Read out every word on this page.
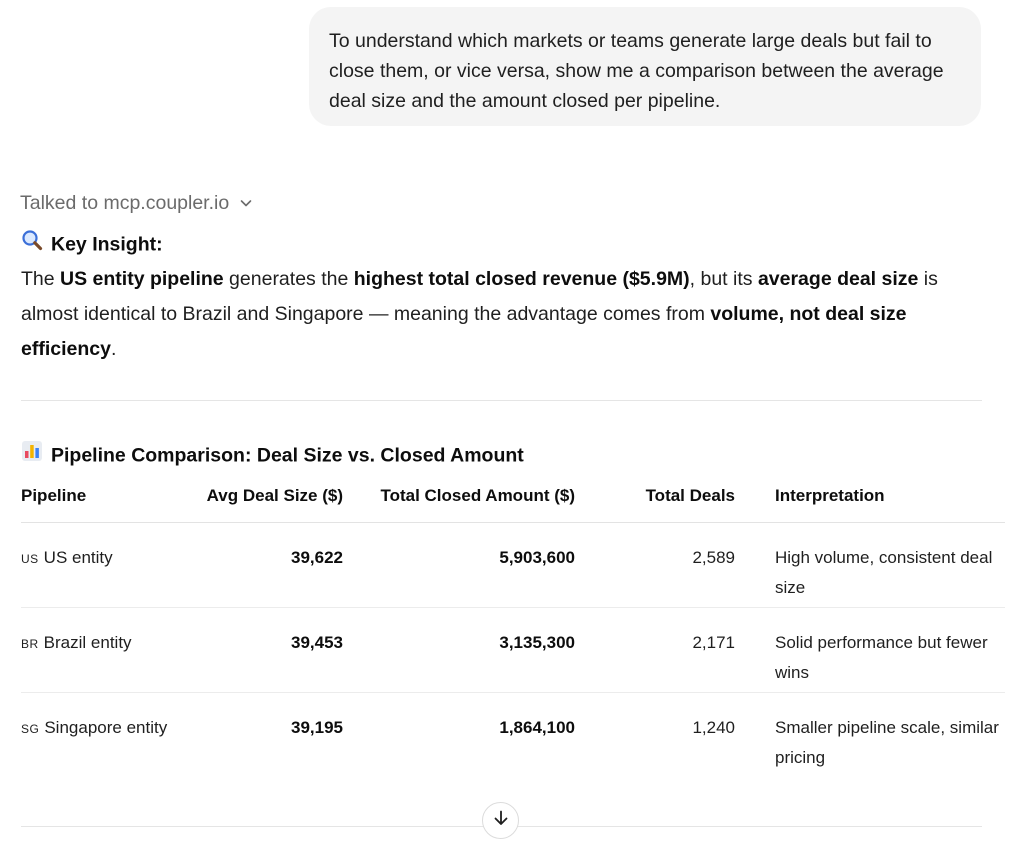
To understand which markets or teams generate large deals but fail to close them, or vice versa, show me a comparison between the average deal size and the amount closed per pipeline.
Talked to mcp.coupler.io
Key Insight:
The US entity pipeline generates the highest total closed revenue ($5.9M), but its average deal size is almost identical to Brazil and Singapore — meaning the advantage comes from volume, not deal size efficiency.
Pipeline Comparison: Deal Size vs. Closed Amount
Pipeline	Avg Deal Size ($)	Total Closed Amount ($)	Total Deals	Interpretation
US US entity	39,622	5,903,600	2,589	High volume, consistent deal size
BR Brazil entity	39,453	3,135,300	2,171	Solid performance but fewer wins
SG Singapore entity	39,195	1,864,100	1,240	Smaller pipeline scale, similar pricing
